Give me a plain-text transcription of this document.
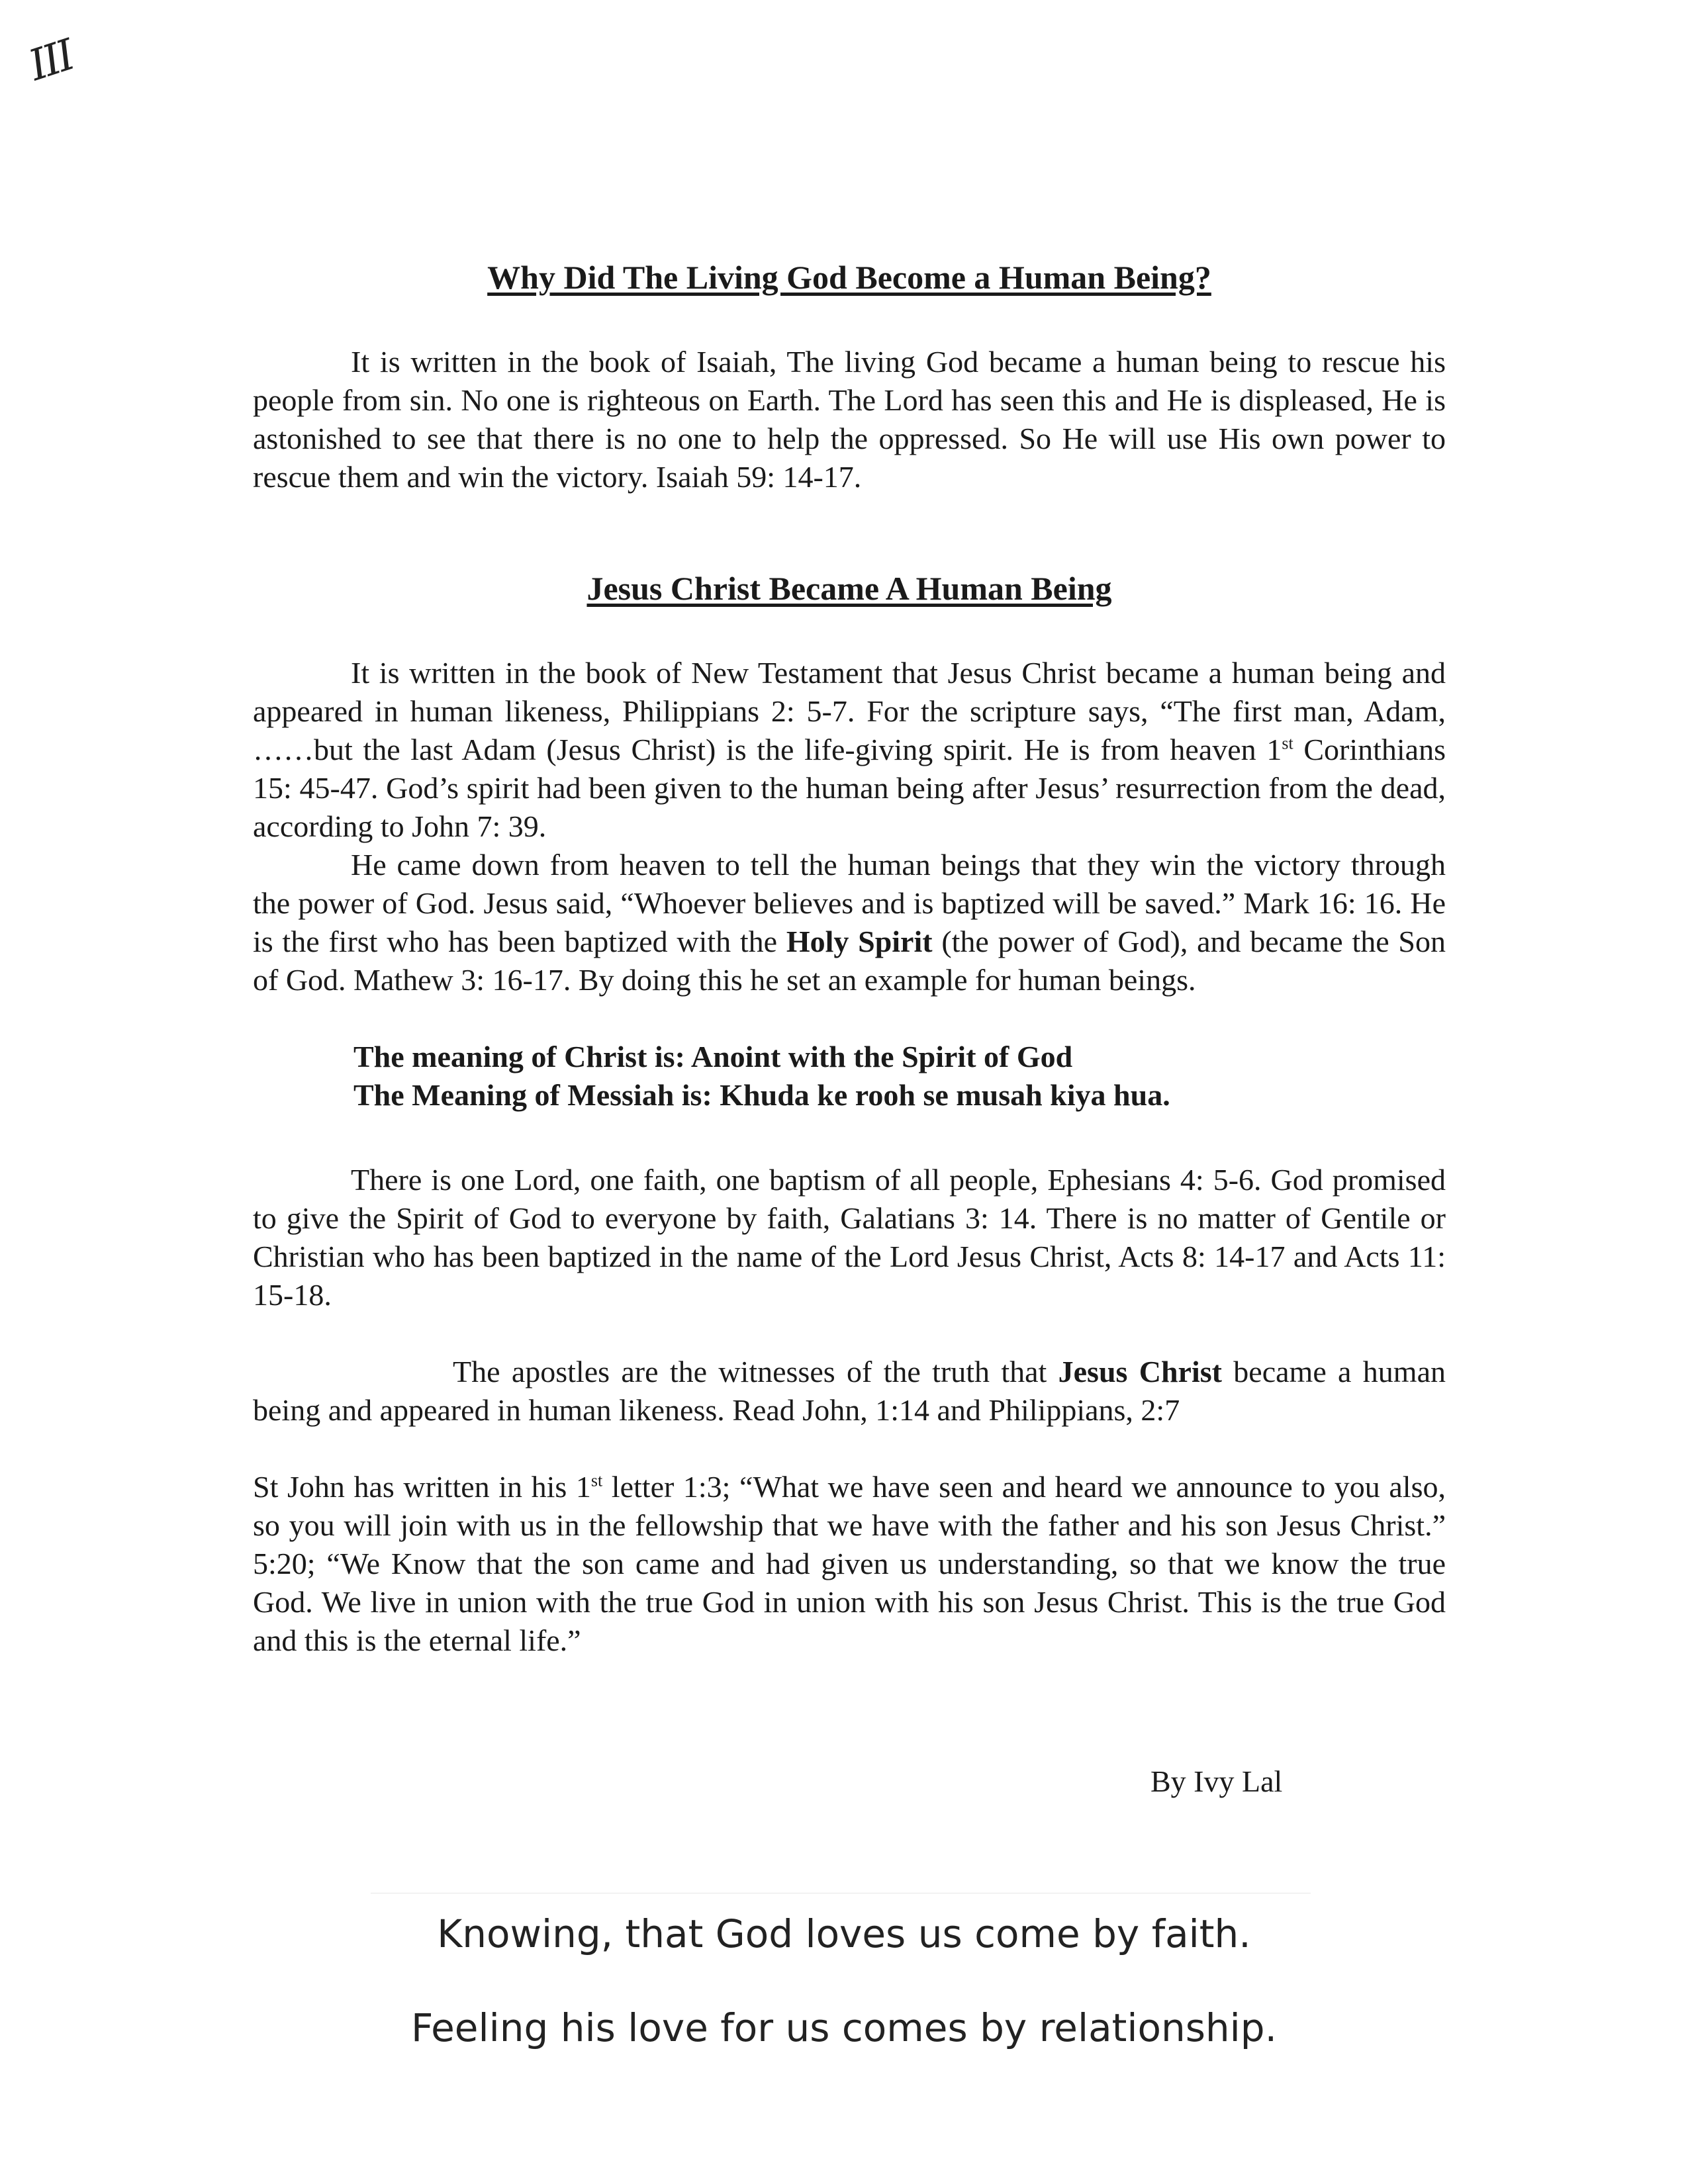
III
Why Did The Living God Become a Human Being?

It is written in the book of Isaiah, The living God became a human being to rescue his people from sin. No one is righteous on Earth. The Lord has seen this and He is displeased, He is astonished to see that there is no one to help the oppressed. So He will use His own power to rescue them and win the victory. Isaiah 59: 14-17.

Jesus Christ Became A Human Being

It is written in the book of New Testament that Jesus Christ became a human being and appeared in human likeness, Philippians 2: 5-7. For the scripture says, “The first man, Adam, ……but the last Adam (Jesus Christ) is the life-giving spirit. He is from heaven 1st Corinthians 15: 45-47. God’s spirit had been given to the human being after Jesus’ resurrection from the dead, according to John 7: 39.

He came down from heaven to tell the human beings that they win the victory through the power of God. Jesus said, “Whoever believes and is baptized will be saved.” Mark 16: 16. He is the first who has been baptized with the Holy Spirit (the power of God), and became the Son of God. Mathew 3: 16-17. By doing this he set an example for human beings.

The meaning of Christ is: Anoint with the Spirit of God
The Meaning of Messiah is: Khuda ke rooh se musah kiya hua.

There is one Lord, one faith, one baptism of all people, Ephesians 4: 5-6. God promised to give the Spirit of God to everyone by faith, Galatians 3: 14. There is no matter of Gentile or Christian who has been baptized in the name of the Lord Jesus Christ, Acts 8: 14-17 and Acts 11: 15-18.

The apostles are the witnesses of the truth that Jesus Christ became a human being and appeared in human likeness. Read John, 1:14 and Philippians, 2:7

St John has written in his 1st letter 1:3; “What we have seen and heard we announce to you also, so you will join with us in the fellowship that we have with the father and his son Jesus Christ.” 5:20; “We Know that the son came and had given us understanding, so that we know the true God. We live in union with the true God in union with his son Jesus Christ. This is the true God and this is the eternal life.”

By Ivy Lal
Knowing, that God loves us come by faith.
Feeling his love for us comes by relationship.
